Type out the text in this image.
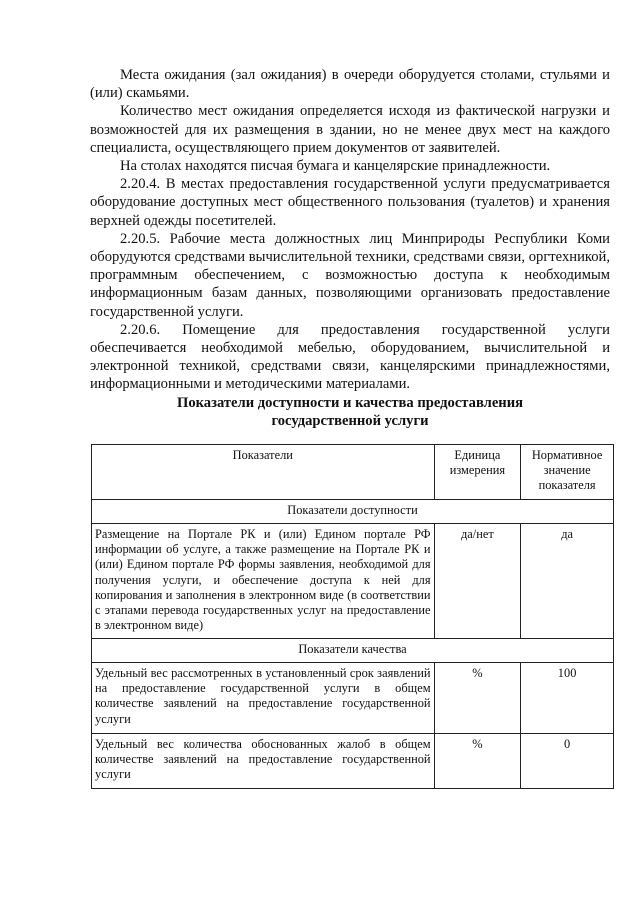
Места ожидания (зал ожидания) в очереди оборудуется столами, стульями и (или) скамьями.

Количество мест ожидания определяется исходя из фактической нагрузки и возможностей для их размещения в здании, но не менее двух мест на каждого специалиста, осуществляющего прием документов от заявителей.

На столах находятся писчая бумага и канцелярские принадлежности.

2.20.4. В местах предоставления государственной услуги предусматривается оборудование доступных мест общественного пользования (туалетов) и хранения верхней одежды посетителей.

2.20.5. Рабочие места должностных лиц Минприроды Республики Коми оборудуются средствами вычислительной техники, средствами связи, оргтехникой, программным обеспечением, с возможностью доступа к необходимым информационным базам данных, позволяющими организовать предоставление государственной услуги.

2.20.6. Помещение для предоставления государственной услуги обеспечивается необходимой мебелью, оборудованием, вычислительной и электронной техникой, средствами связи, канцелярскими принадлежностями, информационными и методическими материалами.

Показатели доступности и качества предоставления
государственной услуги
Показатели	Единица измерения	Нормативное значение показателя
Показатели доступности		
Размещение на Портале РК и (или) Едином портале РФ информации об услуге, а также размещение на Портале РК и (или) Едином портале РФ формы заявления, необходимой для получения услуги, и обеспечение доступа к ней для копирования и заполнения в электронном виде (в соответствии с этапами перевода государственных услуг на предоставление в электронном виде)	да/нет	да
Показатели качества		
Удельный вес рассмотренных в установленный срок заявлений на предоставление государственной услуги в общем количестве заявлений на предоставление государственной услуги	%	100
Удельный вес количества обоснованных жалоб в общем количестве заявлений на предоставление государственной услуги	%	0
